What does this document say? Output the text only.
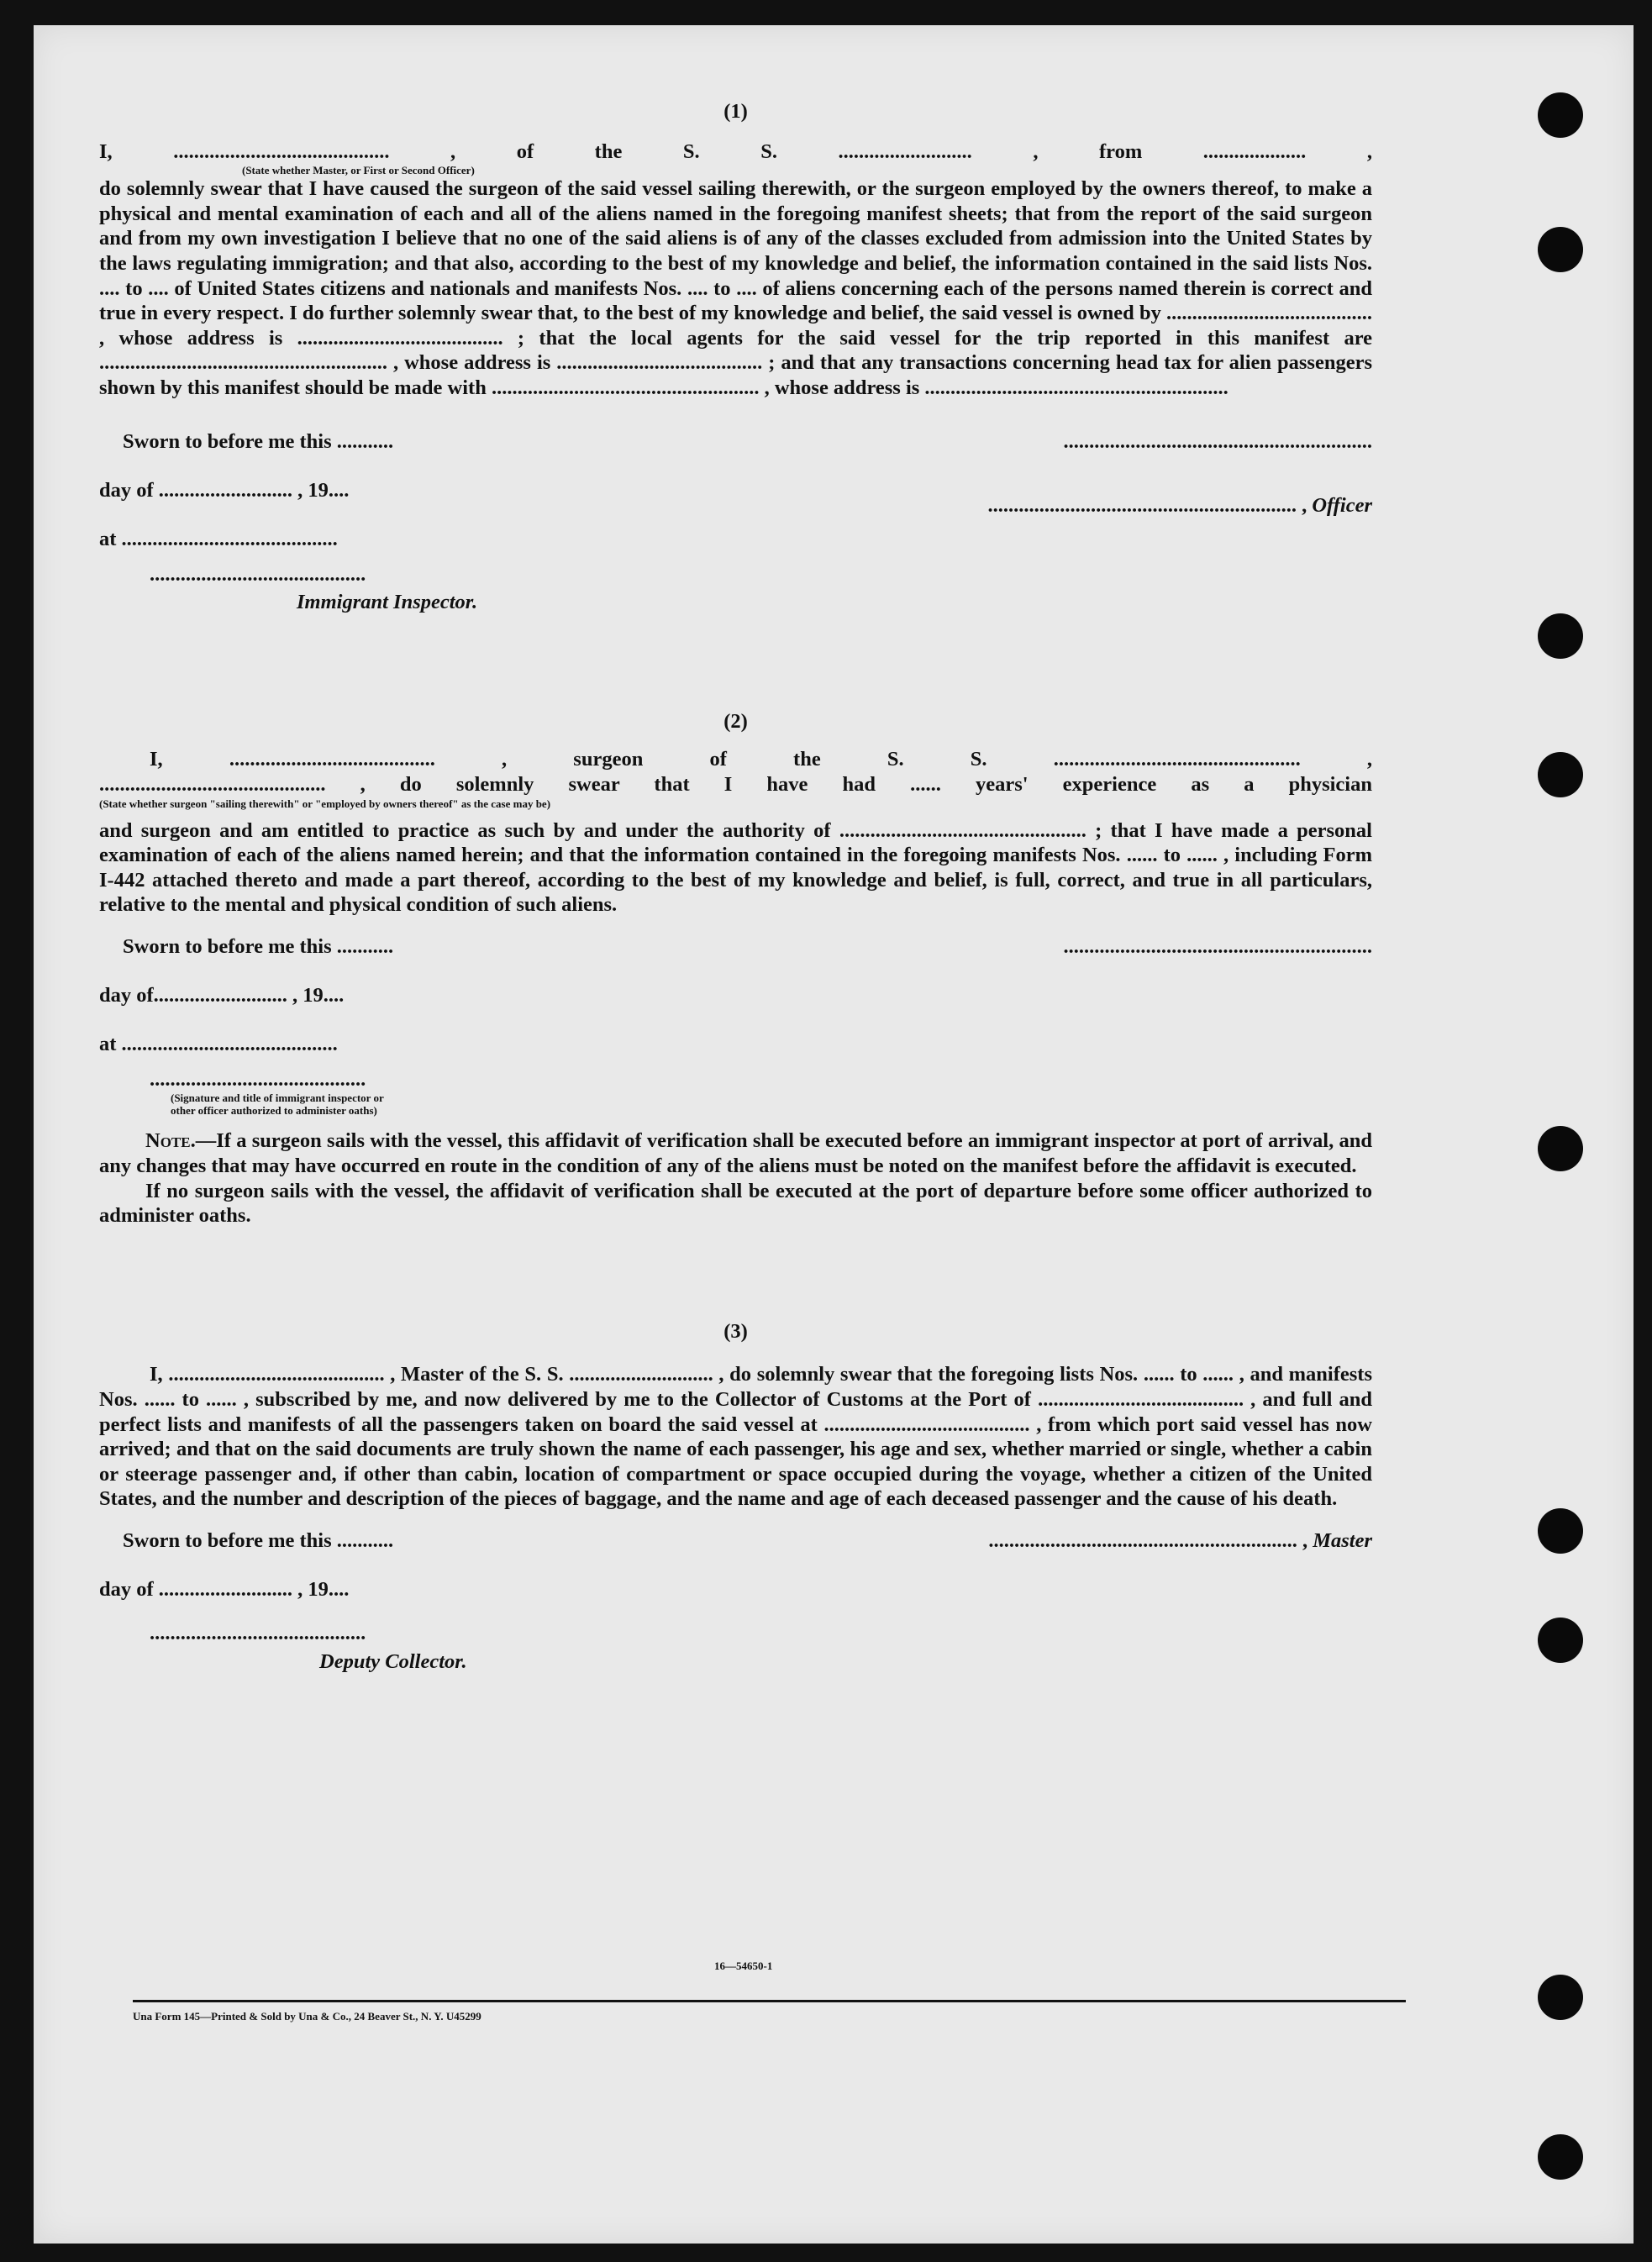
16—54650-1
Una Form 145—Printed & Sold by Una & Co., 24 Beaver St., N. Y. U45299
(1)
I, .......................................... , of the S. S. .......................... , from .................... ,
(State whether Master, or First or Second Officer)

do solemnly swear that I have caused the surgeon of the said vessel sailing therewith, or the surgeon employed by the owners thereof, to make a physical and mental examination of each and all of the aliens named in the foregoing manifest sheets; that from the report of the said surgeon and from my own investigation I believe that no one of the said aliens is of any of the classes excluded from admission into the United States by the laws regulating immigration; and that also, according to the best of my knowledge and belief, the information contained in the said lists Nos. .... to .... of United States citizens and nationals and manifests Nos. .... to .... of aliens concerning each of the persons named therein is correct and true in every respect. I do further solemnly swear that, to the best of my knowledge and belief, the said vessel is owned by ........................................ , whose address is ........................................ ; that the local agents for the said vessel for the trip reported in this manifest are ........................................................ , whose address is ........................................ ; and that any transactions concerning head tax for alien passengers shown by this manifest should be made with .................................................... , whose address is ...........................................................

Sworn to before me this ...........	............................................................
day of .......................... , 19....
............................................................ , Officer
at ..........................................
..........................................
Immigrant Inspector.
(2)
I, ........................................ , surgeon of the S. S. ................................................ ,
............................................ , do solemnly swear that I have had ...... years' experience as a physician
(State whether surgeon "sailing therewith" or "employed by owners thereof" as the case may be)

and surgeon and am entitled to practice as such by and under the authority of ................................................ ; that I have made a personal examination of each of the aliens named herein; and that the information contained in the foregoing manifests Nos. ...... to ...... , including Form I-442 attached thereto and made a part thereof, according to the best of my knowledge and belief, is full, correct, and true in all particulars, relative to the mental and physical condition of such aliens.

Sworn to before me this ...........	............................................................
day of.......................... , 19....
at ..........................................
..........................................
(Signature and title of immigrant inspector or
other officer authorized to administer oaths)

Note.—If a surgeon sails with the vessel, this affidavit of verification shall be executed before an immigrant inspector at port of arrival, and any changes that may have occurred en route in the condition of any of the aliens must be noted on the manifest before the affidavit is executed.

If no surgeon sails with the vessel, the affidavit of verification shall be executed at the port of departure before some officer authorized to administer oaths.

(3)

I, .......................................... , Master of the S. S. ............................ , do solemnly swear that the foregoing lists Nos. ...... to ...... , and manifests Nos. ...... to ...... , subscribed by me, and now delivered by me to the Collector of Customs at the Port of ........................................ , and full and perfect lists and manifests of all the passengers taken on board the said vessel at ........................................ , from which port said vessel has now arrived; and that on the said documents are truly shown the name of each passenger, his age and sex, whether married or single, whether a cabin or steerage passenger and, if other than cabin, location of compartment or space occupied during the voyage, whether a citizen of the United States, and the number and description of the pieces of baggage, and the name and age of each deceased passenger and the cause of his death.

Sworn to before me this ...........	............................................................ , Master
day of .......................... , 19....
..........................................
Deputy Collector.
